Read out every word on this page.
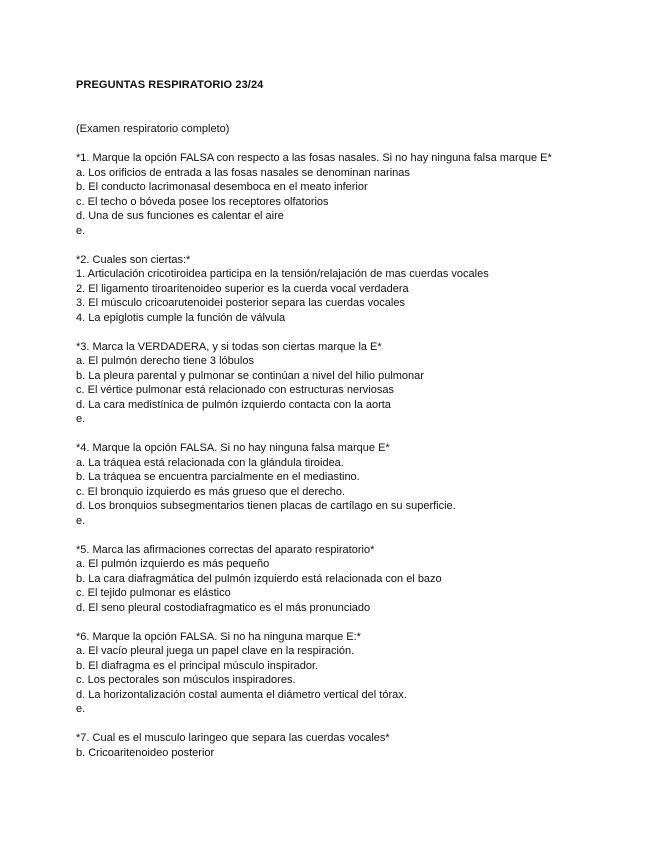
PREGUNTAS RESPIRATORIO 23/24
(Examen respiratorio completo)
*1. Marque la opción FALSA con respecto a las fosas nasales. Si no hay ninguna falsa marque E*
a. Los orificios de entrada a las fosas nasales se denominan narinas
b. El conducto lacrimonasal desemboca en el meato inferior
c. El techo o bóveda posee los receptores olfatorios
d. Una de sus funciones es calentar el aire
e.
*2. Cuales son ciertas:*
1. Articulación cricotiroidea participa en la tensión/relajación de mas cuerdas vocales
2. El ligamento tiroaritenoideo superior es la cuerda vocal verdadera
3. El músculo cricoarutenoidei posterior separa las cuerdas vocales
4. La epiglotis cumple la función de válvula
*3. Marca la VERDADERA, y si todas son ciertas marque la E*
a. El pulmón derecho tiene 3 lóbulos
b. La pleura parental y pulmonar se continúan a nivel del hilio pulmonar
c. El vértice pulmonar está relacionado con estructuras nerviosas
d. La cara medistínica de pulmón izquierdo contacta con la aorta
e.
*4. Marque la opción FALSA. Si no hay ninguna falsa marque E*
a. La tráquea está relacionada con la glándula tiroidea.
b. La tráquea se encuentra parcialmente en el mediastino.
c. El bronquio izquierdo es más grueso que el derecho.
d. Los bronquios subsegmentarios tienen placas de cartílago en su superficie.
e.
*5. Marca las afirmaciones correctas del aparato respiratorio*
a. El pulmón izquierdo es más pequeño
b. La cara diafragmática del pulmón izquierdo está relacionada con el bazo
c. El tejido pulmonar es elástico
d. El seno pleural costodiafragmatico es el más pronunciado
*6. Marque la opción FALSA. Si no ha ninguna marque E:*
a. El vacío pleural juega un papel clave en la respiración.
b. El diafragma es el principal músculo inspirador.
c. Los pectorales son músculos inspiradores.
d. La horizontalización costal aumenta el diámetro vertical del tórax.
e.
*7. Cual es el musculo laringeo que separa las cuerdas vocales*
b. Cricoaritenoideo posterior
